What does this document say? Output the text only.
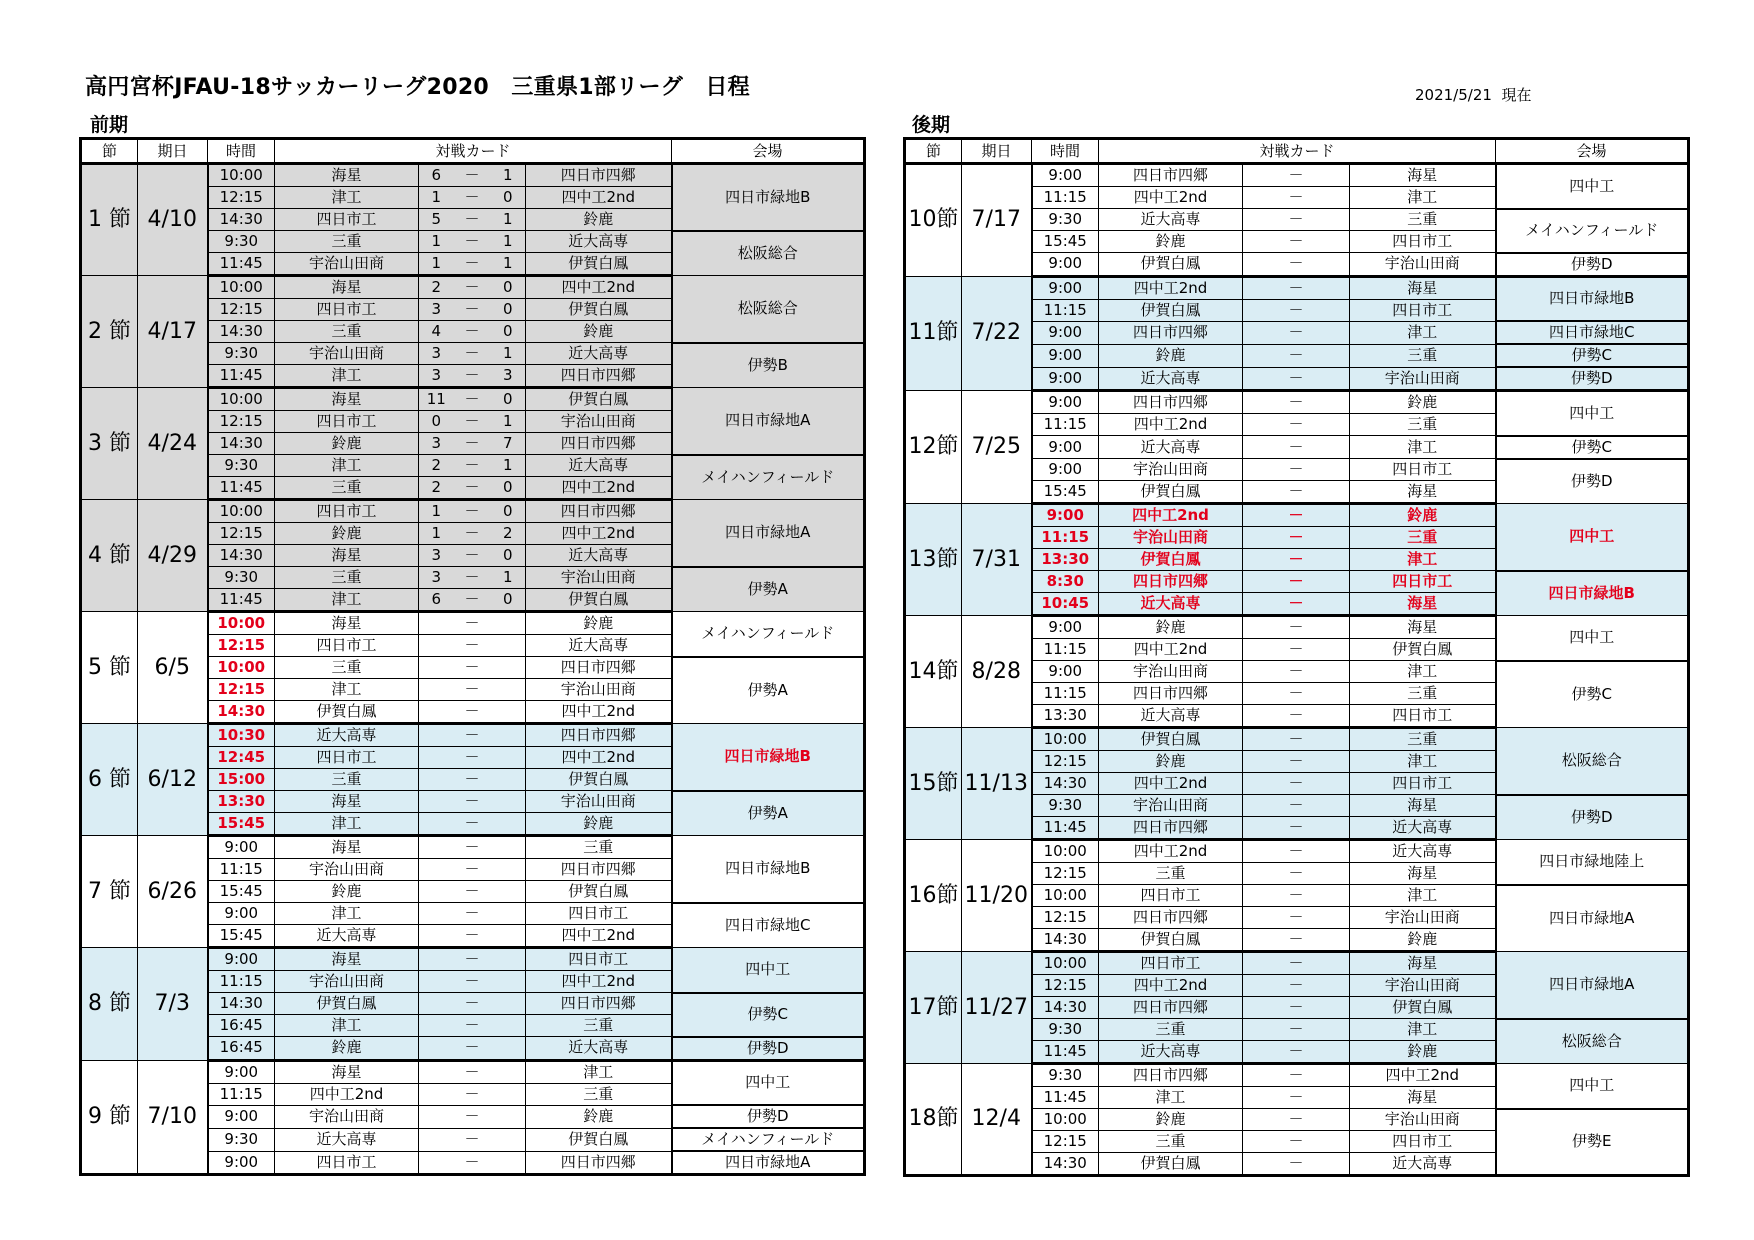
高円宮杯JFAU-18サッカーリーグ2020　三重県1部リーグ　日程	2021/5/21  現在
前期	後期
節	期日	時間	対戦カード					会場
1 節	4/10	10:00	海星	6	－	1	四日市四郷	四日市緑地B
		12:15	津工	1	－	0	四中工2nd	
		14:30	四日市工	5	－	1	鈴鹿	
		9:30	三重	1	－	1	近大高専	松阪総合
		11:45	宇治山田商	1	－	1	伊賀白鳳	
2 節	4/17	10:00	海星	2	－	0	四中工2nd	松阪総合
		12:15	四日市工	3	－	0	伊賀白鳳	
		14:30	三重	4	－	0	鈴鹿	
		9:30	宇治山田商	3	－	1	近大高専	伊勢B
		11:45	津工	3	－	3	四日市四郷	
3 節	4/24	10:00	海星	11	－	0	伊賀白鳳	四日市緑地A
		12:15	四日市工	0	－	1	宇治山田商	
		14:30	鈴鹿	3	－	7	四日市四郷	
		9:30	津工	2	－	1	近大高専	メイハンフィールド
		11:45	三重	2	－	0	四中工2nd	
4 節	4/29	10:00	四日市工	1	－	0	四日市四郷	四日市緑地A
		12:15	鈴鹿	1	－	2	四中工2nd	
		14:30	海星	3	－	0	近大高専	
		9:30	三重	3	－	1	宇治山田商	伊勢A
		11:45	津工	6	－	0	伊賀白鳳	
5 節	6/5	10:00	海星		－		鈴鹿	メイハンフィールド
		12:15	四日市工		－		近大高専	
		10:00	三重		－		四日市四郷	伊勢A
		12:15	津工		－		宇治山田商	
		14:30	伊賀白鳳		－		四中工2nd	
6 節	6/12	10:30	近大高専		－		四日市四郷	四日市緑地B
		12:45	四日市工		－		四中工2nd	
		15:00	三重		－		伊賀白鳳	
		13:30	海星		－		宇治山田商	伊勢A
		15:45	津工		－		鈴鹿	
7 節	6/26	9:00	海星		－		三重	四日市緑地B
		11:15	宇治山田商		－		四日市四郷	
		15:45	鈴鹿		－		伊賀白鳳	
		9:00	津工		－		四日市工	四日市緑地C
		15:45	近大高専		－		四中工2nd	
8 節	7/3	9:00	海星		－		四日市工	四中工
		11:15	宇治山田商		－		四中工2nd	
		14:30	伊賀白鳳		－		四日市四郷	伊勢C
		16:45	津工		－		三重	
		16:45	鈴鹿		－		近大高専	伊勢D
9 節	7/10	9:00	海星		－		津工	四中工
		11:15	四中工2nd		－		三重	
		9:00	宇治山田商		－		鈴鹿	伊勢D
		9:30	近大高専		－		伊賀白鳳	メイハンフィールド
		9:00	四日市工		－		四日市四郷	四日市緑地A
節	期日	時間	対戦カード					会場
10節	7/17	9:00	四日市四郷		－		海星	四中工
		11:15	四中工2nd		－		津工	
		9:30	近大高専		－		三重	メイハンフィールド
		15:45	鈴鹿		－		四日市工	
		9:00	伊賀白鳳		－		宇治山田商	伊勢D
11節	7/22	9:00	四中工2nd		－		海星	四日市緑地B
		11:15	伊賀白鳳		－		四日市工	
		9:00	四日市四郷		－		津工	四日市緑地C
		9:00	鈴鹿		－		三重	伊勢C
		9:00	近大高専		－		宇治山田商	伊勢D
12節	7/25	9:00	四日市四郷		－		鈴鹿	四中工
		11:15	四中工2nd		－		三重	
		9:00	近大高専		－		津工	伊勢C
		9:00	宇治山田商		－		四日市工	伊勢D
		15:45	伊賀白鳳		－		海星	
13節	7/31	9:00	四中工2nd		－		鈴鹿	四中工
		11:15	宇治山田商		－		三重	
		13:30	伊賀白鳳		－		津工	
		8:30	四日市四郷		－		四日市工	四日市緑地B
		10:45	近大高専		－		海星	
14節	8/28	9:00	鈴鹿		－		海星	四中工
		11:15	四中工2nd		－		伊賀白鳳	
		9:00	宇治山田商		－		津工	伊勢C
		11:15	四日市四郷		－		三重	
		13:30	近大高専		－		四日市工	
15節	11/13	10:00	伊賀白鳳		－		三重	松阪総合
		12:15	鈴鹿		－		津工	
		14:30	四中工2nd		－		四日市工	
		9:30	宇治山田商		－		海星	伊勢D
		11:45	四日市四郷		－		近大高専	
16節	11/20	10:00	四中工2nd		－		近大高専	四日市緑地陸上
		12:15	三重		－		海星	
		10:00	四日市工		－		津工	四日市緑地A
		12:15	四日市四郷		－		宇治山田商	
		14:30	伊賀白鳳		－		鈴鹿	
17節	11/27	10:00	四日市工		－		海星	四日市緑地A
		12:15	四中工2nd		－		宇治山田商	
		14:30	四日市四郷		－		伊賀白鳳	
		9:30	三重		－		津工	松阪総合
		11:45	近大高専		－		鈴鹿	
18節	12/4	9:30	四日市四郷		－		四中工2nd	四中工
		11:45	津工		－		海星	
		10:00	鈴鹿		－		宇治山田商	伊勢E
		12:15	三重		－		四日市工	
		14:30	伊賀白鳳		－		近大高専	
